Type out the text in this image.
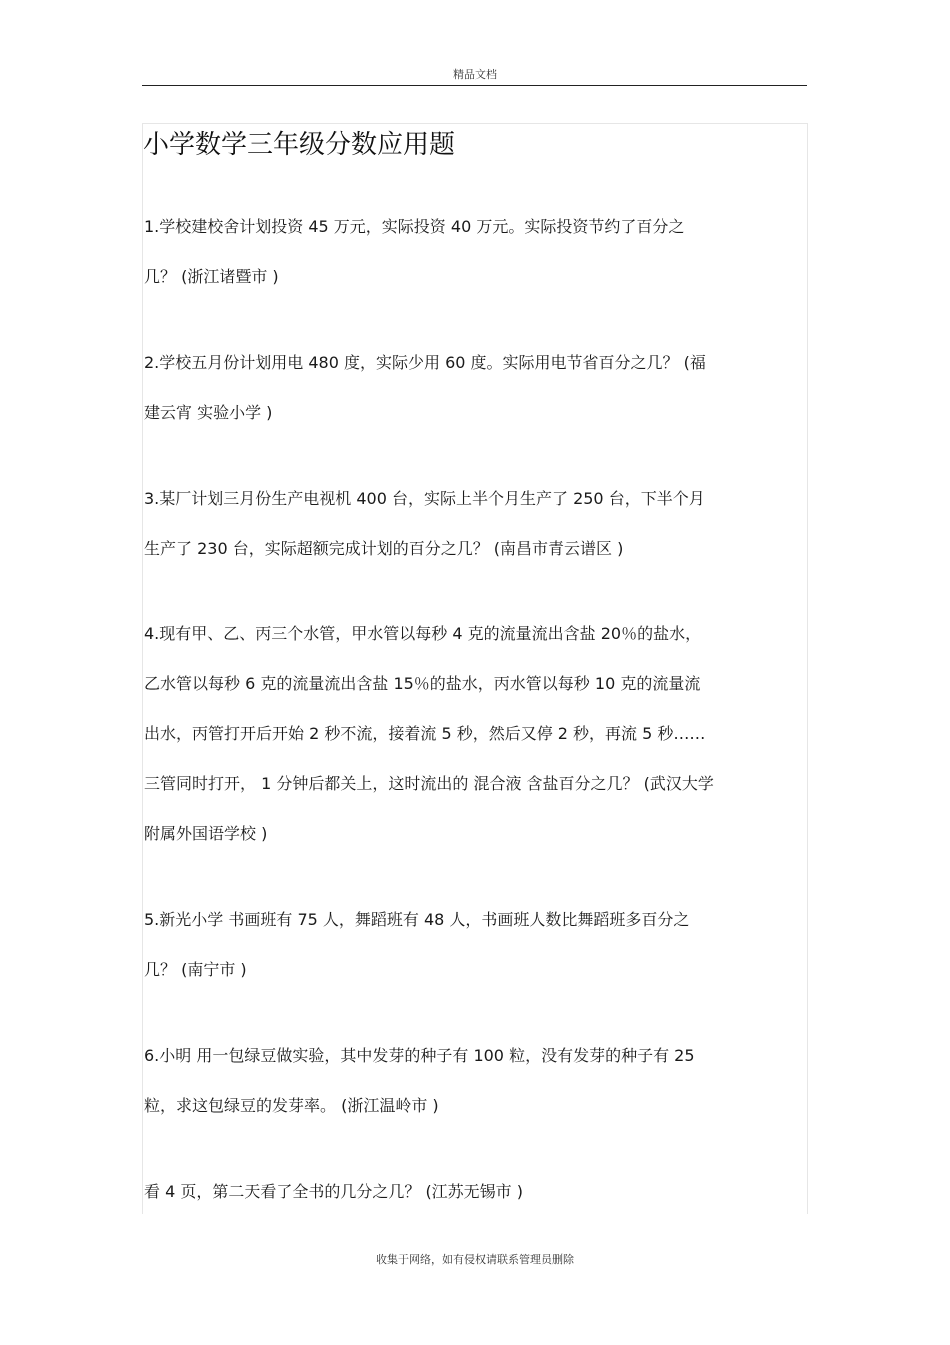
精品文档
小学数学三年级分数应用题

1.学校建校舍计划投资 45 万元，实际投资 40 万元。实际投资节约了百分之

几？ (浙江诸暨市 )

2.学校五月份计划用电 480 度，实际少用 60 度。实际用电节省百分之几？ (福

建云宵 实验小学 )

3.某厂计划三月份生产电视机 400 台，实际上半个月生产了 250 台，下半个月

生产了 230 台，实际超额完成计划的百分之几？ (南昌市青云谱区 )

4.现有甲、乙、丙三个水管，甲水管以每秒 4 克的流量流出含盐 20％的盐水，

乙水管以每秒 6 克的流量流出含盐 15％的盐水，丙水管以每秒 10 克的流量流

出水，丙管打开后开始 2 秒不流，接着流 5 秒，然后又停 2 秒，再流 5 秒……

三管同时打开， 1 分钟后都关上，这时流出的 混合液 含盐百分之几？ (武汉大学

附属外国语学校 )

5.新光小学 书画班有 75 人，舞蹈班有 48 人，书画班人数比舞蹈班多百分之

几？ (南宁市 )

6.小明 用一包绿豆做实验，其中发芽的种子有 100 粒，没有发芽的种子有 25

粒，求这包绿豆的发芽率。 (浙江温岭市 )

看 4 页，第二天看了全书的几分之几？ (江苏无锡市 )

收集于网络，如有侵权请联系管理员删除
